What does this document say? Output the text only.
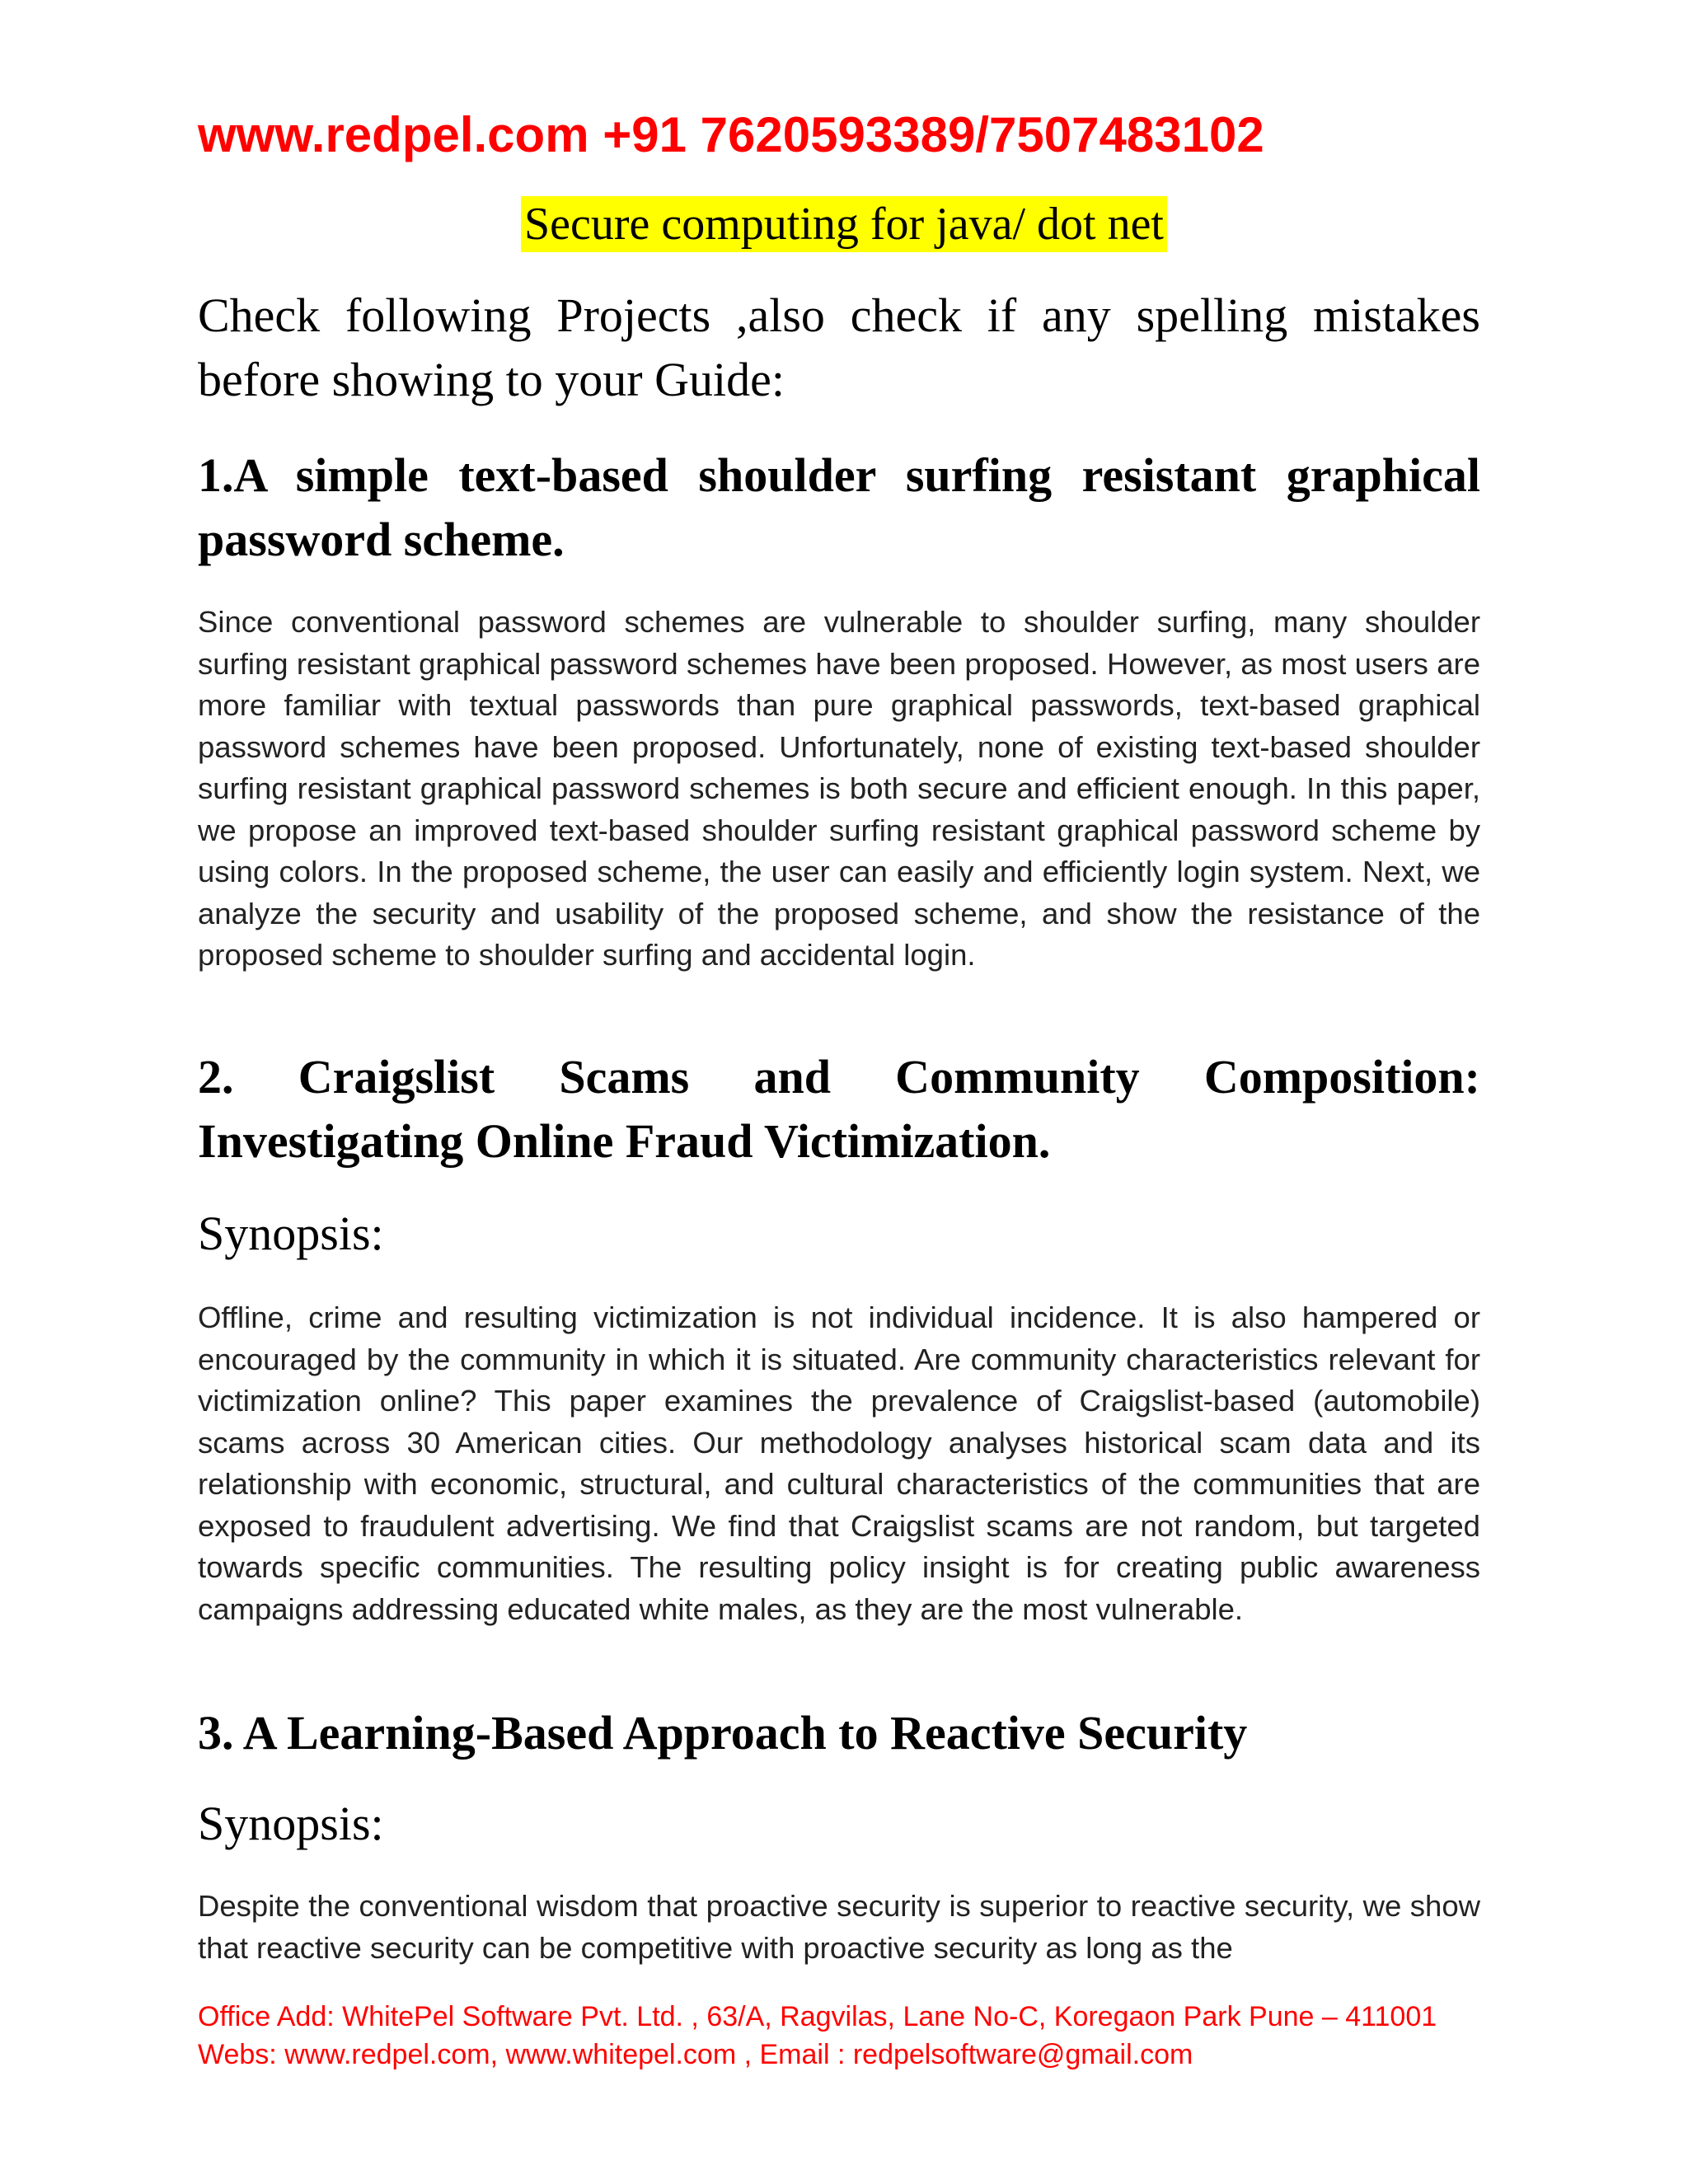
www.redpel.com +91 7620593389/7507483102
Secure computing for java/ dot net
Check following Projects ,also check if any spelling mistakes before showing to your Guide:
1.A simple text-based shoulder surfing resistant graphical password scheme.
Since conventional password schemes are vulnerable to shoulder surfing, many shoulder surfing resistant graphical password schemes have been proposed. However, as most users are more familiar with textual passwords than pure graphical passwords, text-based graphical password schemes have been proposed. Unfortunately, none of existing text-based shoulder surfing resistant graphical password schemes is both secure and efficient enough. In this paper, we propose an improved text-based shoulder surfing resistant graphical password scheme by using colors. In the proposed scheme, the user can easily and efficiently login system. Next, we analyze the security and usability of the proposed scheme, and show the resistance of the proposed scheme to shoulder surfing and accidental login.
2. Craigslist Scams and Community Composition: Investigating Online Fraud Victimization.
Synopsis:
Offline, crime and resulting victimization is not individual incidence. It is also hampered or encouraged by the community in which it is situated. Are community characteristics relevant for victimization online? This paper examines the prevalence of Craigslist-based (automobile) scams across 30 American cities. Our methodology analyses historical scam data and its relationship with economic, structural, and cultural characteristics of the communities that are exposed to fraudulent advertising. We find that Craigslist scams are not random, but targeted towards specific communities. The resulting policy insight is for creating public awareness campaigns addressing educated white males, as they are the most vulnerable.
3. A Learning-Based Approach to Reactive Security
Synopsis:
Despite the conventional wisdom that proactive security is superior to reactive security, we show that reactive security can be competitive with proactive security as long as the
Office Add: WhitePel Software Pvt. Ltd. , 63/A, Ragvilas, Lane No-C, Koregaon Park Pune – 411001
Webs: www.redpel.com, www.whitepel.com , Email : redpelsoftware@gmail.com
